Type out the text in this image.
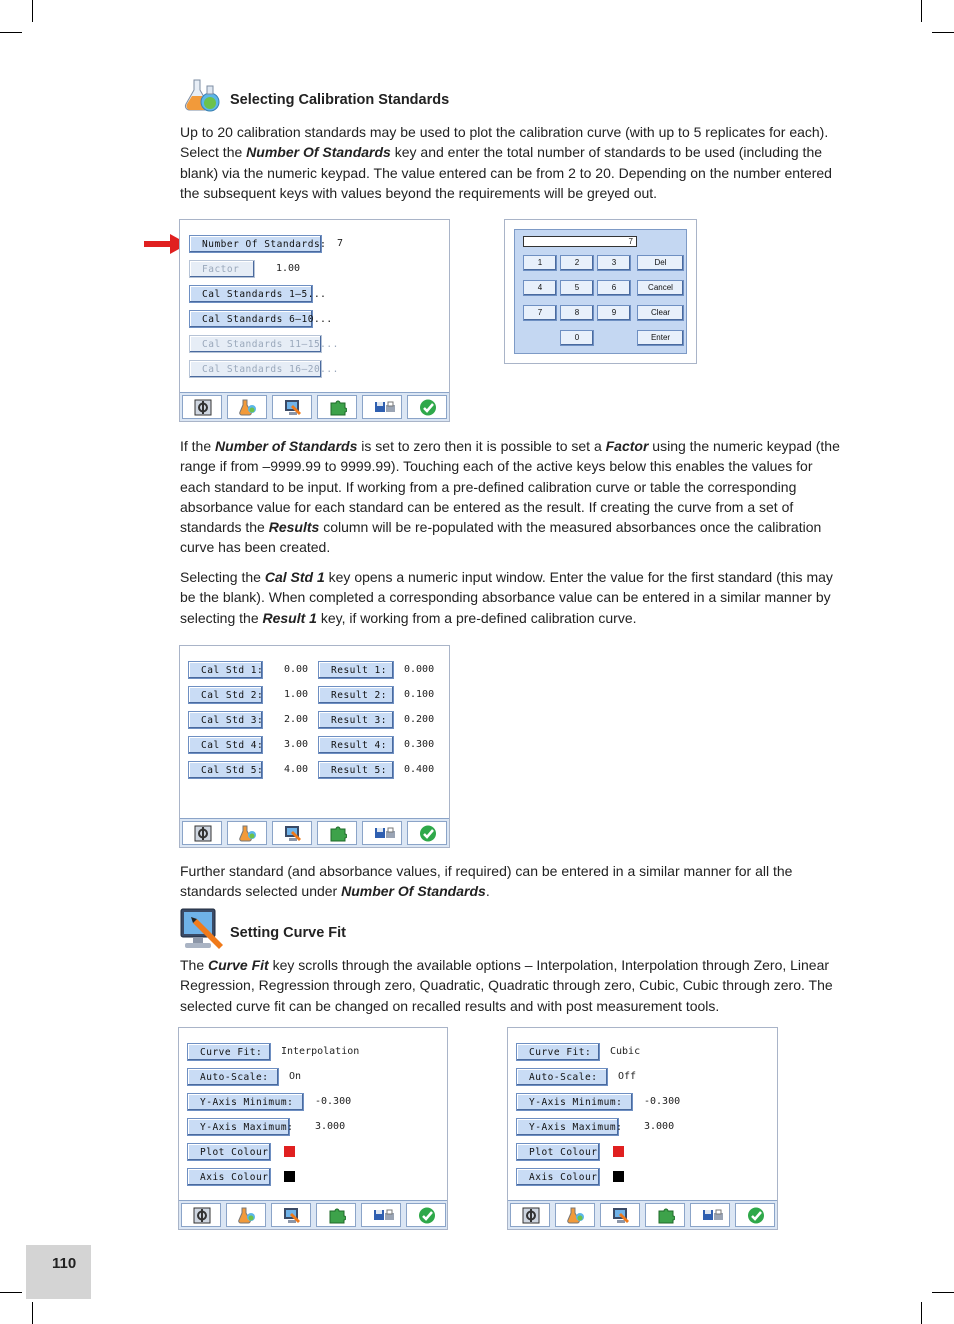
Selecting Calibration Standards

Up to 20 calibration standards may be used to plot the calibration curve (with up to 5 replicates for each). Select the Number Of Standards key and enter the total number of standards to be used (including the blank) via the numeric keypad. The value entered can be from 2 to 20. Depending on the number entered the subsequent keys with values beyond the requirements will be greyed out.

Number Of Standards: 7
Factor	1.00
Cal Standards 1–5...
Cal Standards 6–10...
Cal Standards 11–15...
Cal Standards 16–20...
7
1	2	3	Del
4	5	6	Cancel
7	8	9	Clear
0	Enter

If the Number of Standards is set to zero then it is possible to set a Factor using the numeric keypad (the range if from –9999.99 to 9999.99). Touching each of the active keys below this enables the values for each standard to be input. If working from a pre-defined calibration curve or table the corresponding absorbance value for each standard can be entered as the result. If creating the curve from a set of standards the Results column will be re-populated with the measured absorbances once the calibration curve has been created.

Selecting the Cal Std 1 key opens a numeric input window. Enter the value for the first standard (this may be the blank). When completed a corresponding absorbance value can be entered in a similar manner by selecting the Result 1 key, if working from a pre-defined calibration curve.

Cal Std 1: 0.00	Result 1:	0.000
Cal Std 2: 1.00	Result 2:	0.100
Cal Std 3: 2.00	Result 3:	0.200
Cal Std 4: 3.00	Result 4:	0.300
Cal Std 5: 4.00	Result 5:	0.400

Further standard (and absorbance values, if required) can be entered in a similar manner for all the standards selected under Number Of Standards.

Setting Curve Fit

The Curve Fit key scrolls through the available options – Interpolation, Interpolation through Zero, Linear Regression, Regression through zero, Quadratic, Quadratic through zero, Cubic, Cubic through zero. The selected curve fit can be changed on recalled results and with post measurement tools.

Curve Fit:	Interpolation
Auto-Scale:	On
Y-Axis Minimum:	-0.300
Y-Axis Maximum: 3.000
Plot Colour
Axis Colour
Curve Fit:	Cubic
Auto-Scale:	Off
Y-Axis Minimum:	-0.300
Y-Axis Maximum: 3.000
Plot Colour
Axis Colour
110
